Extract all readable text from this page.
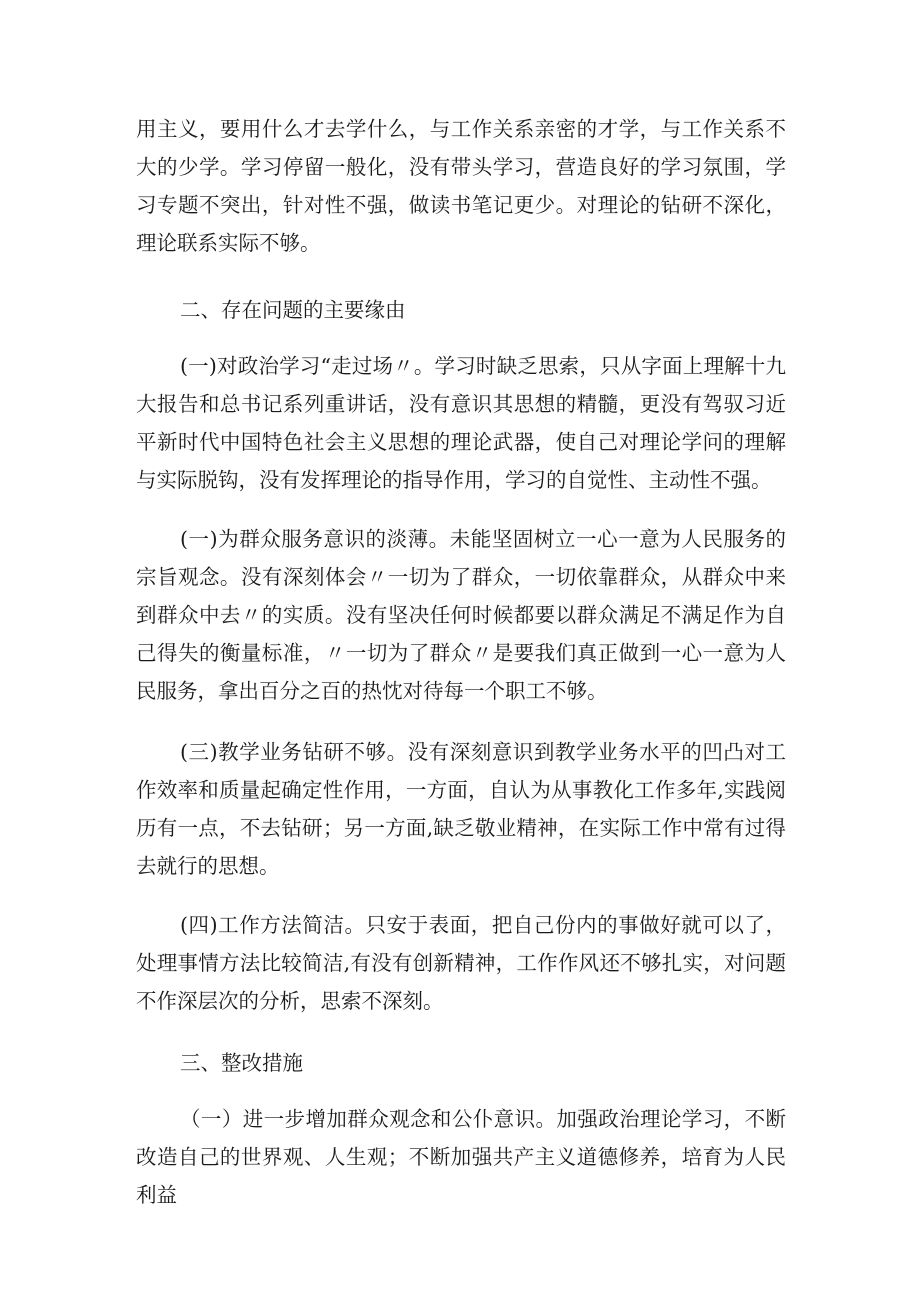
用主义，要用什么才去学什么，与工作关系亲密的才学，与工作关系不大的少学。学习停留一般化，没有带头学习，营造良好的学习氛围，学习专题不突出，针对性不强，做读书笔记更少。对理论的钻研不深化，理论联系实际不够。

二、存在问题的主要缘由

(一)对政治学习“走过场〃。学习时缺乏思索，只从字面上理解十九大报告和总书记系列重讲话，没有意识其思想的精髓，更没有驾驭习近平新时代中国特色社会主义思想的理论武器，使自己对理论学问的理解与实际脱钩，没有发挥理论的指导作用，学习的自觉性、主动性不强。

(一)为群众服务意识的淡薄。未能坚固树立一心一意为人民服务的宗旨观念。没有深刻体会〃一切为了群众，一切依靠群众，从群众中来到群众中去〃的实质。没有坚决任何时候都要以群众满足不满足作为自己得失的衡量标准，〃一切为了群众〃是要我们真正做到一心一意为人民服务，拿出百分之百的热忱对待每一个职工不够。

(三)教学业务钻研不够。没有深刻意识到教学业务水平的凹凸对工作效率和质量起确定性作用，一方面，自认为从事教化工作多年,实践阅历有一点，不去钻研；另一方面,缺乏敬业精神，在实际工作中常有过得去就行的思想。

(四)工作方法简洁。只安于表面，把自己份内的事做好就可以了，处理事情方法比较简洁,有没有创新精神，工作作风还不够扎实，对问题不作深层次的分析，思索不深刻。

三、整改措施

（一）进一步增加群众观念和公仆意识。加强政治理论学习，不断改造自己的世界观、人生观；不断加强共产主义道德修养，培育为人民利益
